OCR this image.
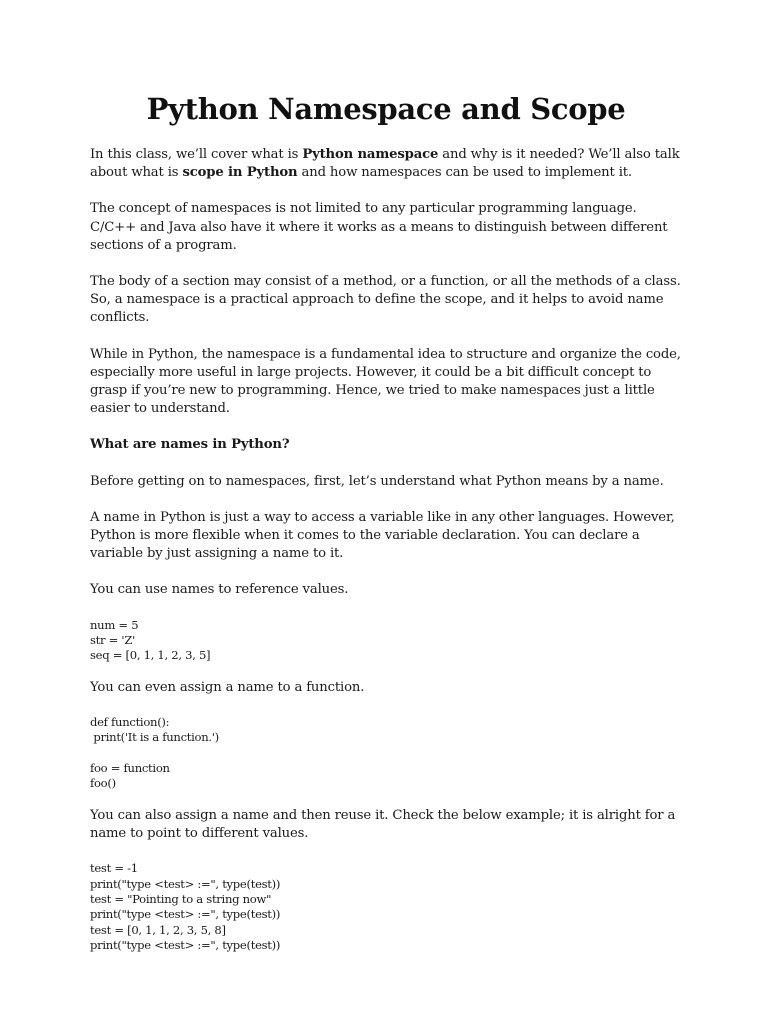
Python Namespace and Scope

In this class, we’ll cover what is Python namespace and why is it needed? We’ll also talk about what is scope in Python and how namespaces can be used to implement it.

The concept of namespaces is not limited to any particular programming language. C/C++ and Java also have it where it works as a means to distinguish between different sections of a program.

The body of a section may consist of a method, or a function, or all the methods of a class. So, a namespace is a practical approach to define the scope, and it helps to avoid name conflicts.

While in Python, the namespace is a fundamental idea to structure and organize the code, especially more useful in large projects. However, it could be a bit difficult concept to grasp if you’re new to programming. Hence, we tried to make namespaces just a little easier to understand.

What are names in Python?

Before getting on to namespaces, first, let’s understand what Python means by a name.

A name in Python is just a way to access a variable like in any other languages. However, Python is more flexible when it comes to the variable declaration. You can declare a variable by just assigning a name to it.

You can use names to reference values.

num = 5
str = 'Z'
seq = [0, 1, 1, 2, 3, 5]

You can even assign a name to a function.

def function():
print('It is a function.')
foo = function
foo()

You can also assign a name and then reuse it. Check the below example; it is alright for a name to point to different values.

test = -1
print("type <test> :=", type(test))
test = "Pointing to a string now"
print("type <test> :=", type(test))
test = [0, 1, 1, 2, 3, 5, 8]
print("type <test> :=", type(test))
